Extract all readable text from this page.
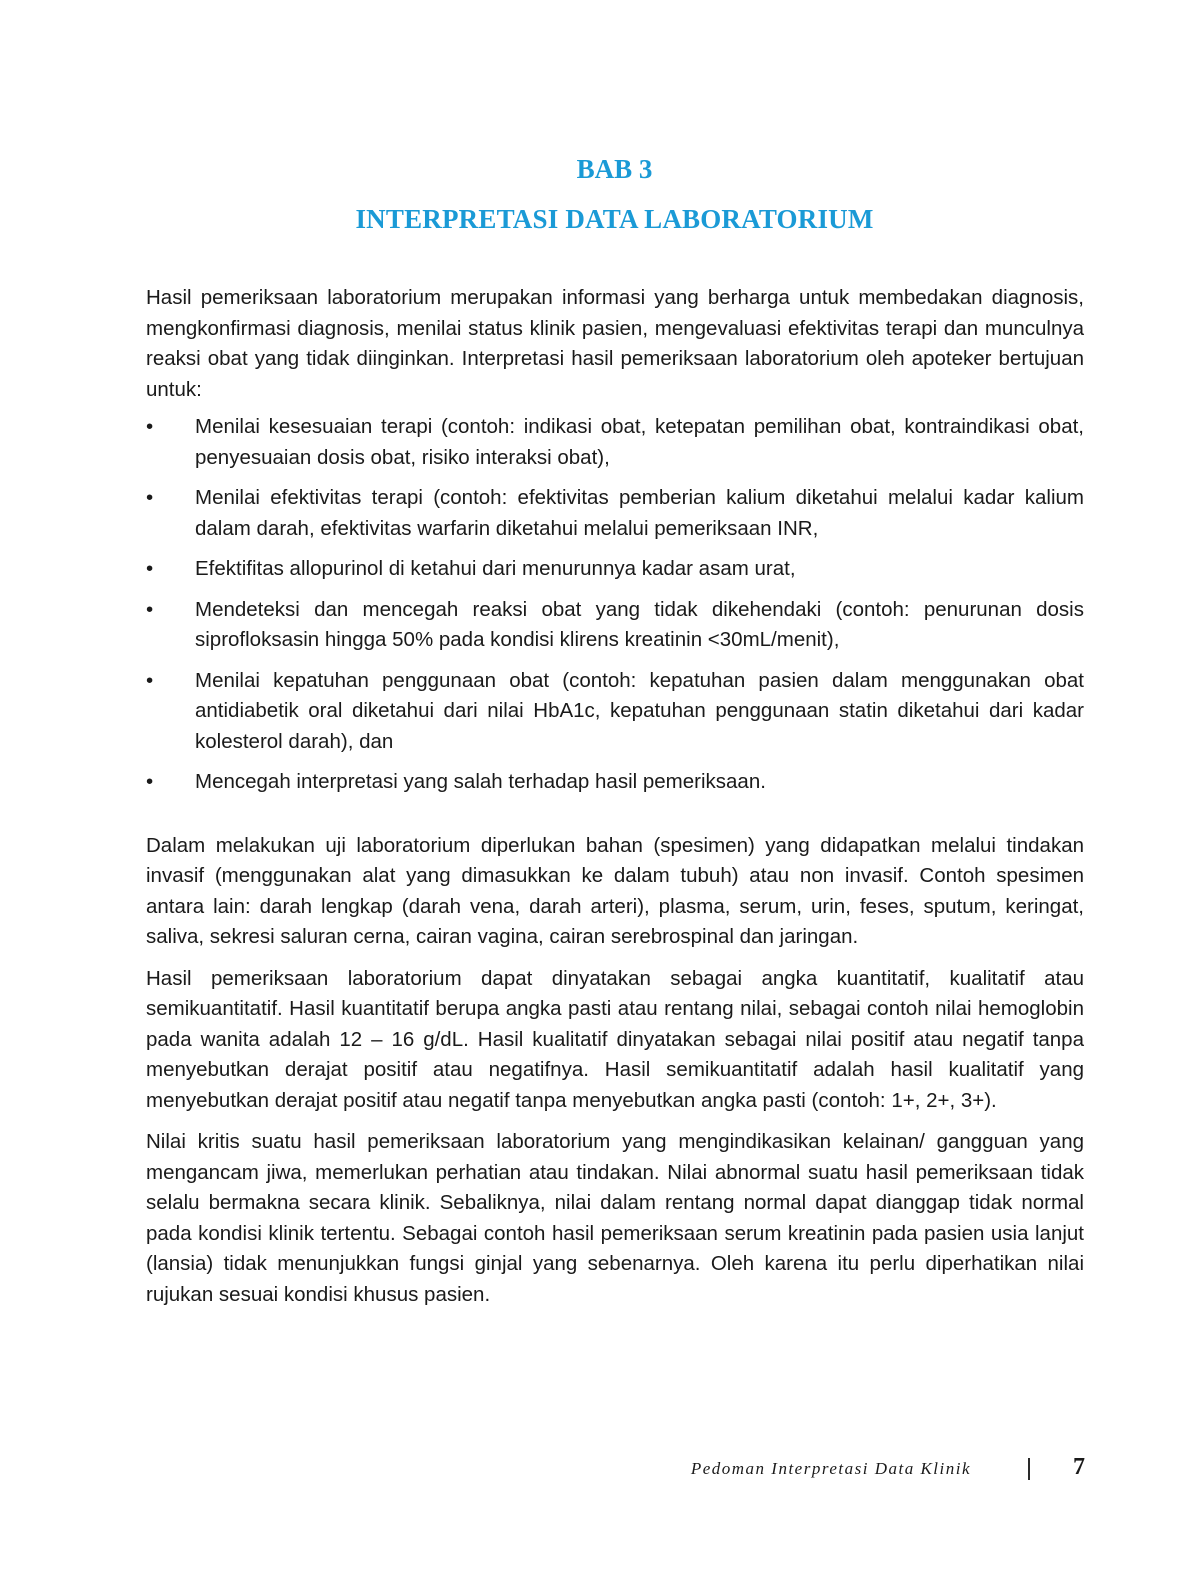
BAB 3
INTERPRETASI DATA LABORATORIUM

Hasil pemeriksaan laboratorium merupakan informasi yang berharga untuk membedakan diagnosis, mengkonfirmasi diagnosis, menilai status klinik pasien, mengevaluasi efektivitas terapi dan munculnya reaksi obat yang tidak diinginkan. Interpretasi hasil pemeriksaan laboratorium oleh apoteker bertujuan untuk:

•	Menilai kesesuaian terapi (contoh: indikasi obat, ketepatan pemilihan obat, kontraindikasi obat, penyesuaian dosis obat, risiko interaksi obat),
•	Menilai efektivitas terapi (contoh: efektivitas pemberian kalium diketahui melalui kadar kalium dalam darah, efektivitas warfarin diketahui melalui pemeriksaan INR,
•	Efektifitas allopurinol di ketahui dari menurunnya kadar asam urat,
•	Mendeteksi dan mencegah reaksi obat yang tidak dikehendaki (contoh: penurunan dosis siprofloksasin hingga 50% pada kondisi klirens kreatinin <30mL/menit),
•	Menilai kepatuhan penggunaan obat (contoh: kepatuhan pasien dalam menggunakan obat antidiabetik oral diketahui dari nilai HbA1c, kepatuhan penggunaan statin diketahui dari kadar kolesterol darah), dan
•	Mencegah interpretasi yang salah terhadap hasil pemeriksaan.

Dalam melakukan uji laboratorium diperlukan bahan (spesimen) yang didapatkan melalui tindakan invasif (menggunakan alat yang dimasukkan ke dalam tubuh) atau non invasif. Contoh spesimen antara lain: darah lengkap (darah vena, darah arteri), plasma, serum, urin, feses, sputum, keringat, saliva, sekresi saluran cerna, cairan vagina, cairan serebrospinal dan jaringan.

Hasil pemeriksaan laboratorium dapat dinyatakan sebagai angka kuantitatif, kualitatif atau semikuantitatif. Hasil kuantitatif berupa angka pasti atau rentang nilai, sebagai contoh nilai hemoglobin pada wanita adalah 12 – 16 g/dL. Hasil kualitatif dinyatakan sebagai nilai positif atau negatif tanpa menyebutkan derajat positif atau negatifnya. Hasil semikuantitatif adalah hasil kualitatif yang menyebutkan derajat positif atau negatif tanpa menyebutkan angka pasti (contoh: 1+, 2+, 3+).

Nilai kritis suatu hasil pemeriksaan laboratorium yang mengindikasikan kelainan/ gangguan yang mengancam jiwa, memerlukan perhatian atau tindakan. Nilai abnormal suatu hasil pemeriksaan tidak selalu bermakna secara klinik. Sebaliknya, nilai dalam rentang normal dapat dianggap tidak normal pada kondisi klinik tertentu. Sebagai contoh hasil pemeriksaan serum kreatinin pada pasien usia lanjut (lansia) tidak menunjukkan fungsi ginjal yang sebenarnya. Oleh karena itu perlu diperhatikan nilai rujukan sesuai kondisi khusus pasien.

Pedoman Interpretasi Data Klinik	7
